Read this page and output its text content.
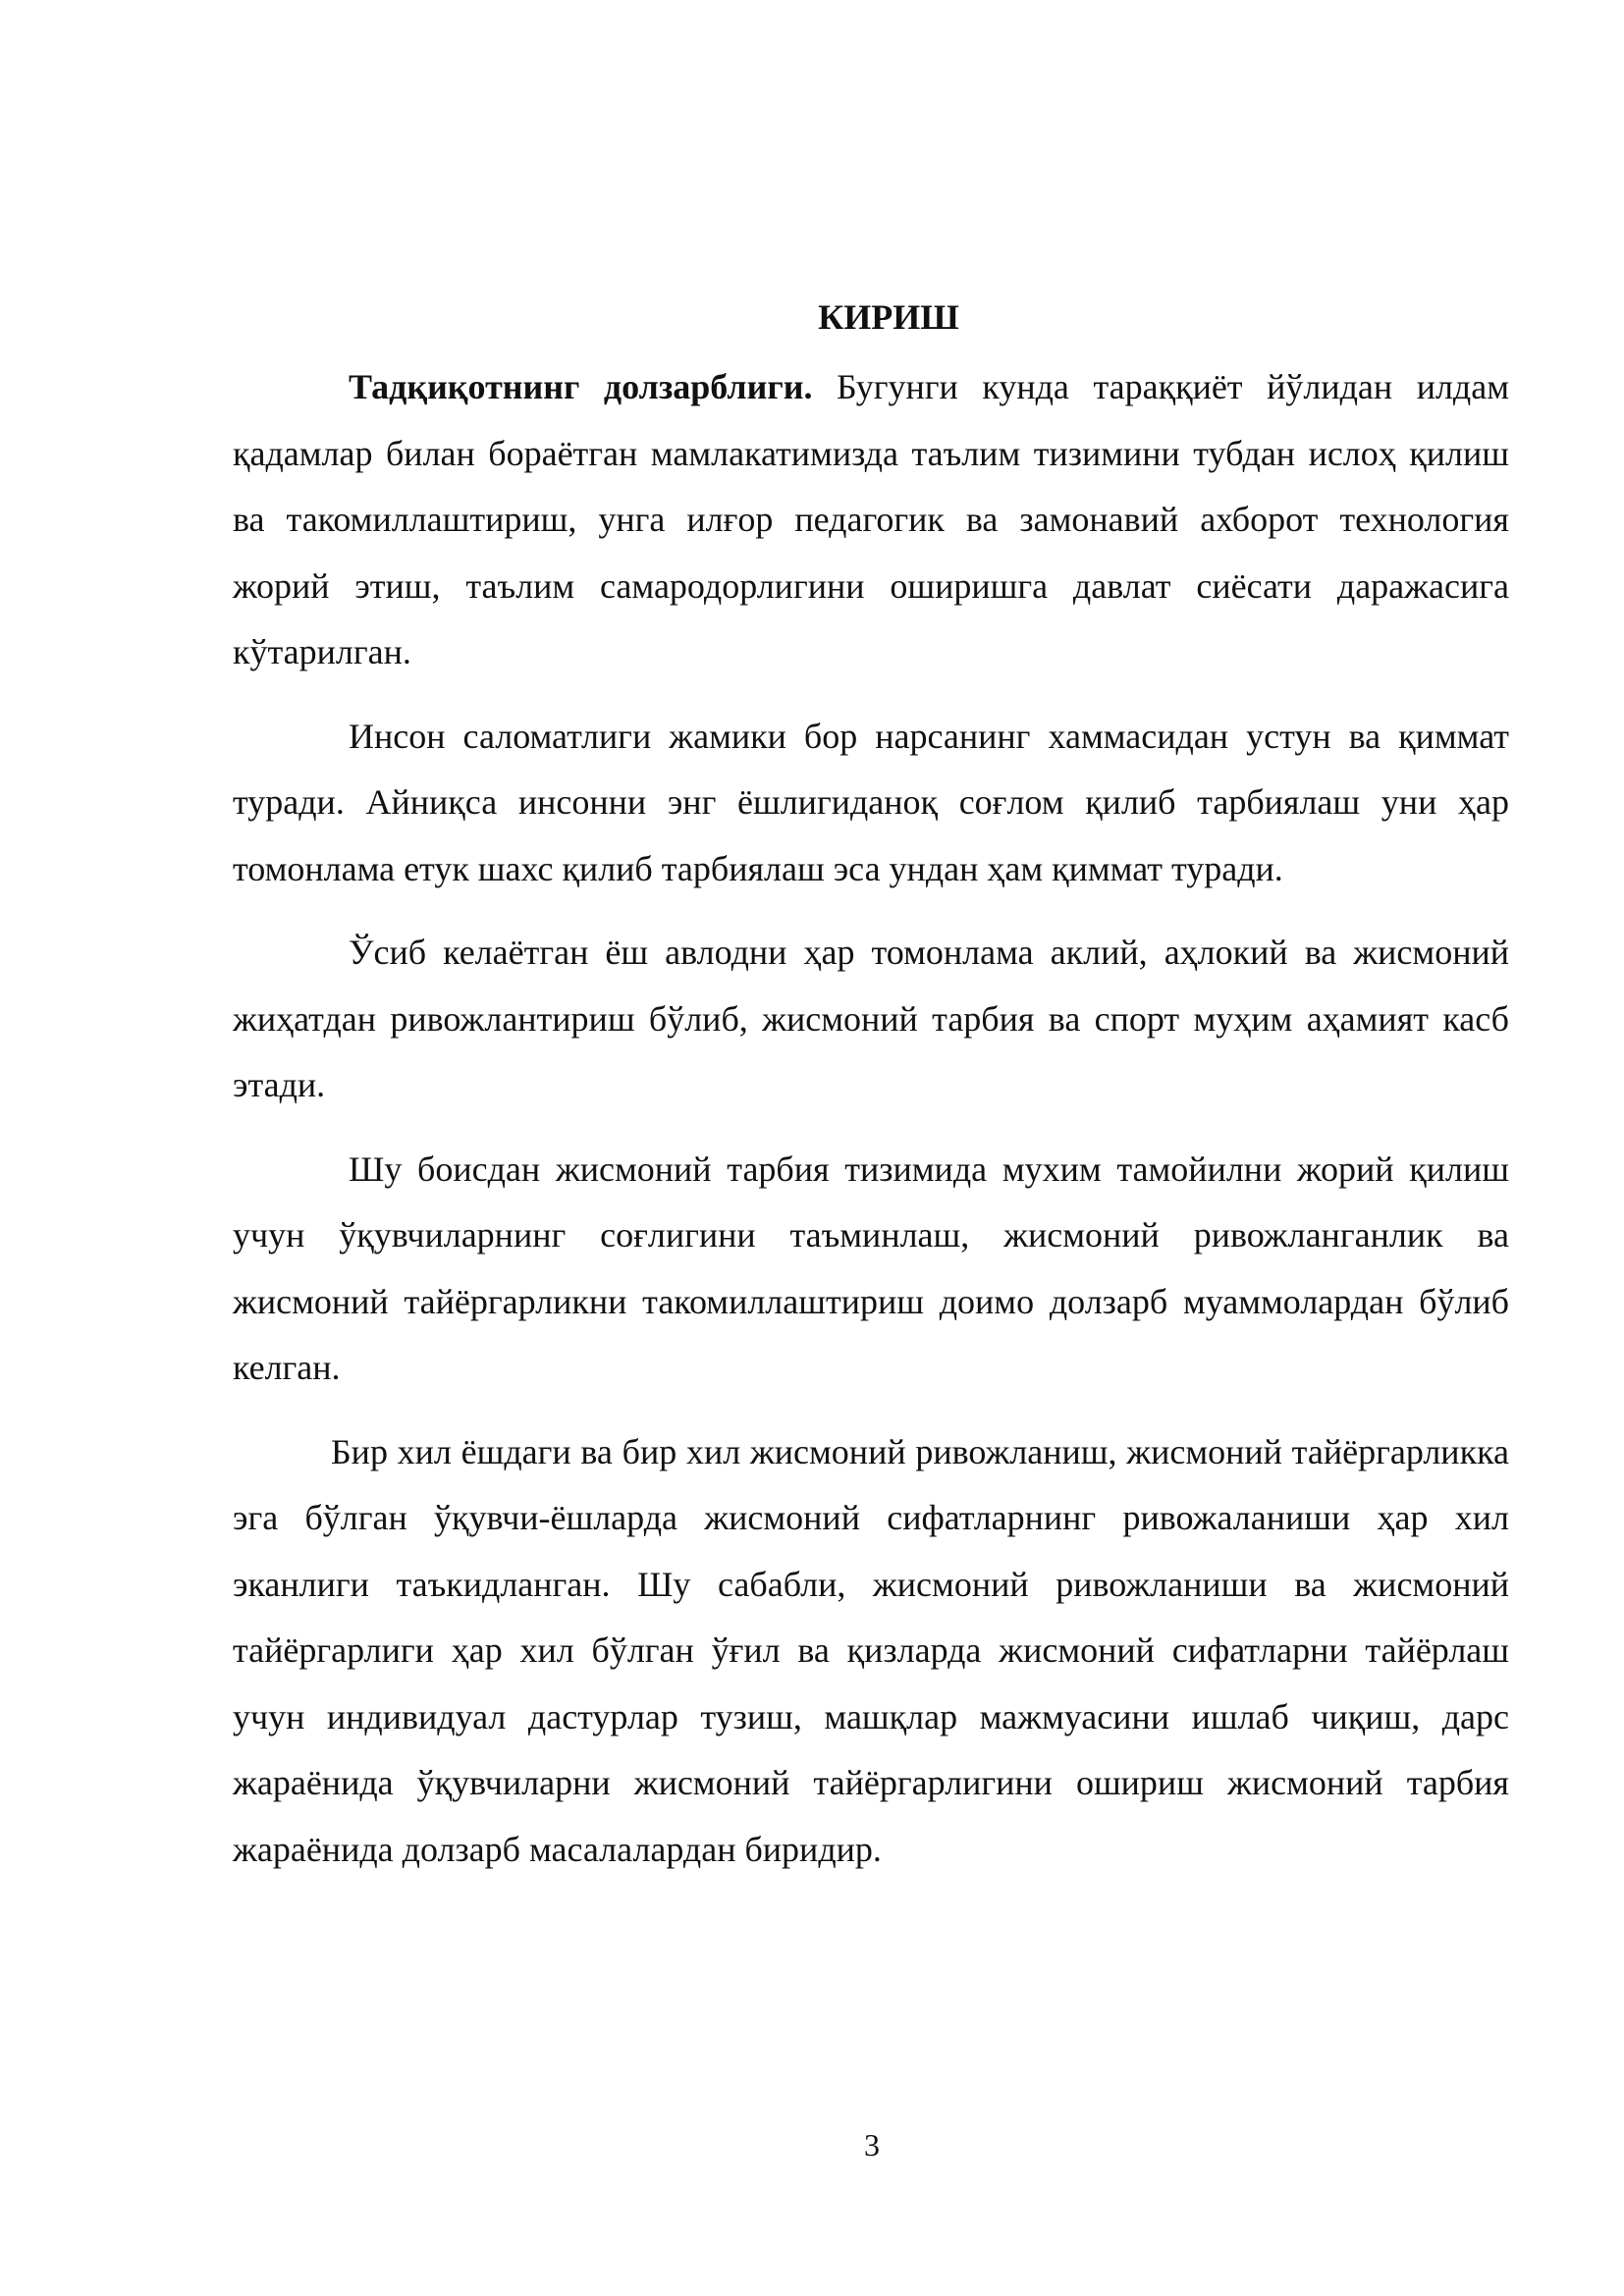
КИРИШ

Тадқиқотнинг долзарблиги. Бугунги кунда тараққиёт йўлидан илдам қадамлар билан бораётган мамлакатимизда таълим тизимини тубдан ислоҳ қилиш ва такомиллаштириш, унга илғор педагогик ва замонавий ахборот технология жорий этиш, таълим самародорлигини оширишга давлат сиёсати даражасига кўтарилган.

Инсон саломатлиги жамики бор нарсанинг хаммасидан устун ва қиммат туради. Айниқса инсонни энг ёшлигиданоқ соғлом қилиб тарбиялаш уни ҳар томонлама етук шахс қилиб тарбиялаш эса ундан ҳам қиммат туради.

Ўсиб келаётган ёш авлодни ҳар томонлама аклий, аҳлокий ва жисмоний жиҳатдан ривожлантириш бўлиб, жисмоний тарбия ва спорт муҳим аҳамият касб этади.

Шу боисдан жисмоний тарбия тизимида мухим тамойилни жорий қилиш учун ўқувчиларнинг соғлигини таъминлаш, жисмоний ривожланганлик ва жисмоний тайёргарликни такомиллаштириш доимо долзарб муаммолардан бўлиб келган.

Бир хил ёшдаги ва бир хил жисмоний ривожланиш, жисмоний тайёргарликка эга бўлган ўқувчи-ёшларда жисмоний сифатларнинг ривожаланиши ҳар хил эканлиги таъкидланган. Шу сабабли, жисмоний ривожланиши ва жисмоний тайёргарлиги ҳар хил бўлган ўғил ва қизларда жисмоний сифатларни тайёрлаш учун индивидуал дастурлар тузиш, машқлар мажмуасини ишлаб чиқиш, дарс жараёнида ўқувчиларни жисмоний тайёргарлигини ошириш жисмоний тарбия жараёнида долзарб масалалардан биридир.

3
